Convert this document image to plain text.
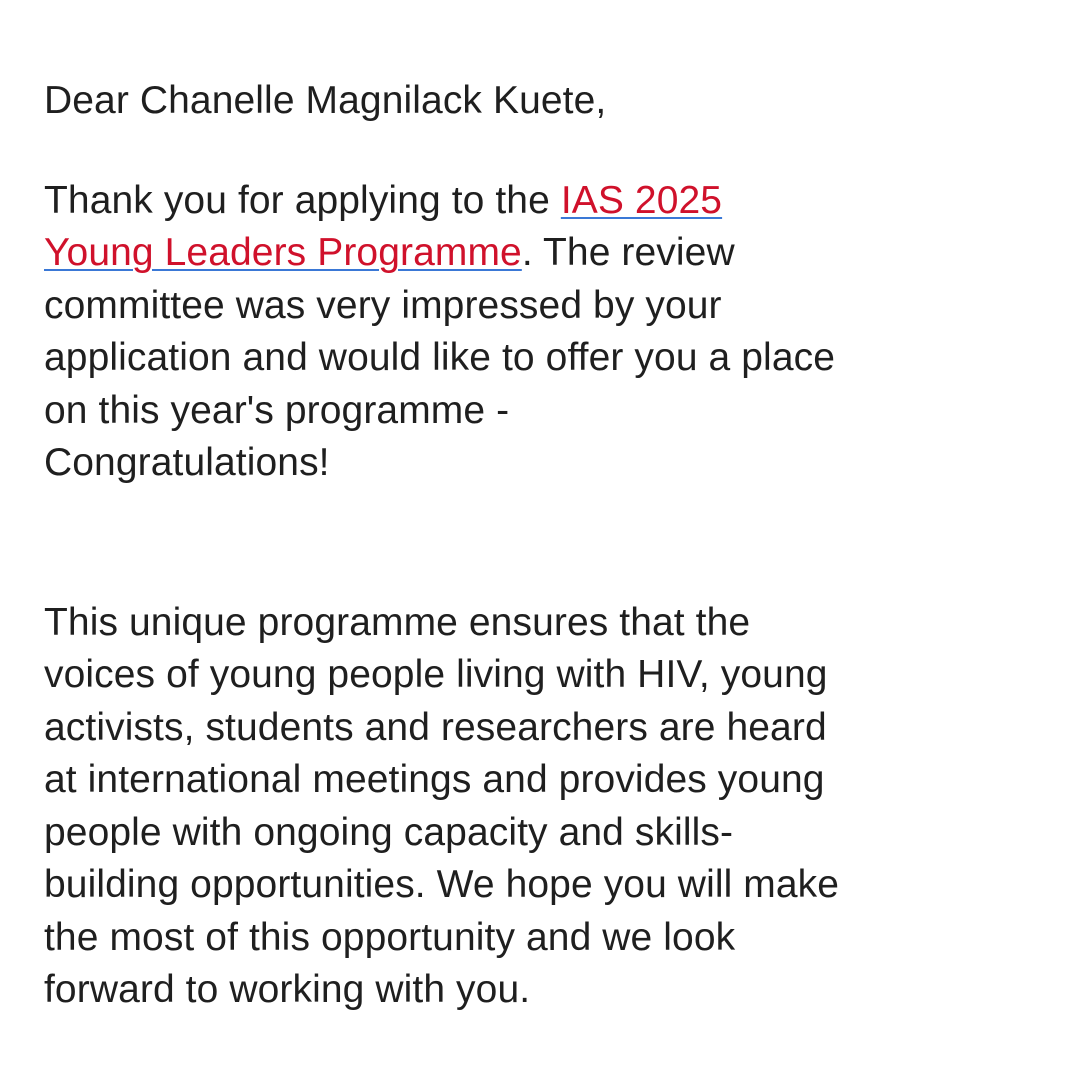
Dear Chanelle Magnilack Kuete,

Thank you for applying to the IAS 2025
Young Leaders Programme. The review
committee was very impressed by your
application and would like to offer you a place
on this year's programme -
Congratulations!

This unique programme ensures that the
voices of young people living with HIV, young
activists, students and researchers are heard
at international meetings and provides young
people with ongoing capacity and skills-
building opportunities. We hope you will make
the most of this opportunity and we look
forward to working with you.
